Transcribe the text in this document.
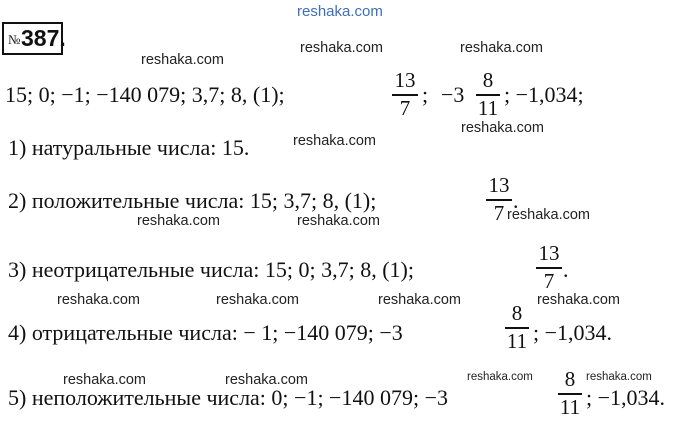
reshaka.com
reshaka.com
reshaka.com	reshaka.com
reshaka.com
reshaka.com
reshaka.com	reshaka.com	reshaka.com
reshaka.com	reshaka.com	reshaka.com	reshaka.com
reshaka.com	reshaka.com	reshaka.com	reshaka.com
№ 387.
15; 0; −1; −140 079; 3,7; 8, (1);
13
7
; −3
8
11
; −1,034;
1) натуральные числа: 15.
2) положительные числа: 15; 3,7; 8, (1);
13
7 .
3) неотрицательные числа: 15; 0; 3,7; 8, (1);
13
7 .
4) отрицательные числа: − 1; −140 079; −3
8
11 ; −1,034.
5) неположительные числа: 0; −1; −140 079; −3
8
11 ; −1,034.
